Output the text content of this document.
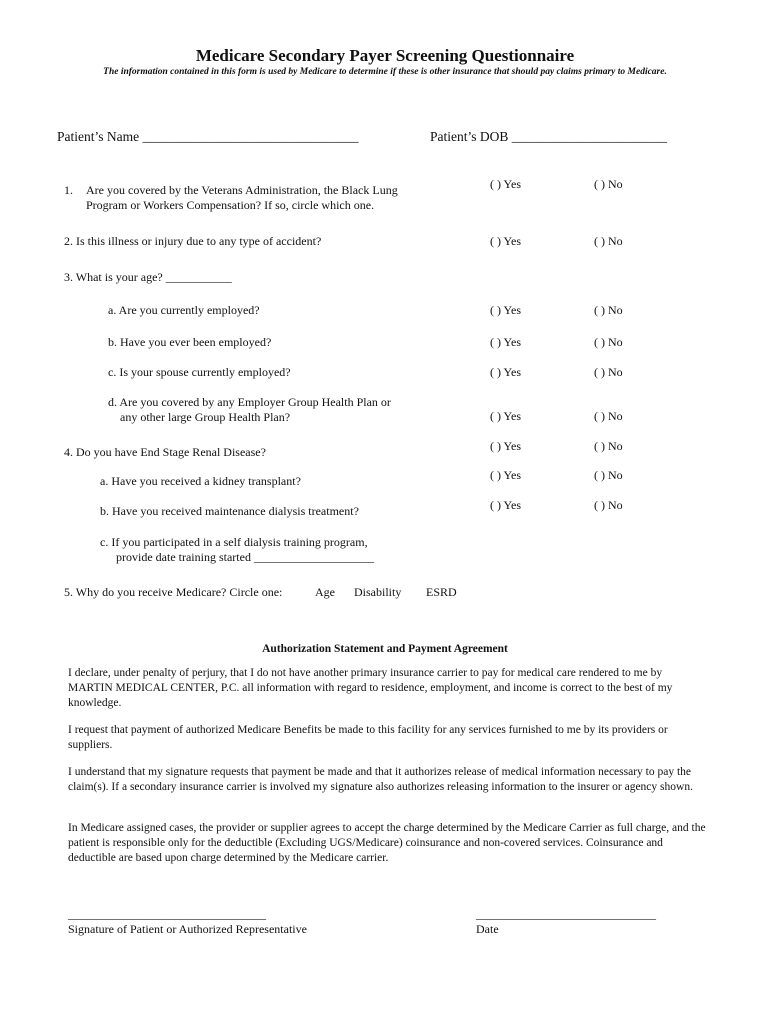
Medicare Secondary Payer Screening Questionnaire
The information contained in this form is used by Medicare to determine if these is other insurance that should pay claims primary to Medicare.
Patient’s Name ________________________________	Patient’s DOB _______________________
1. Are you covered by the Veterans Administration, the Black Lung
Program or Workers Compensation? If so, circle which one.
( ) Yes	( ) No
2. Is this illness or injury due to any type of accident?	( ) Yes	( ) No
3. What is your age? ___________
a. Are you currently employed?	( ) Yes	( ) No
b. Have you ever been employed?	( ) Yes	( ) No
c. Is your spouse currently employed?	( ) Yes	( ) No
d. Are you covered by any Employer Group Health Plan or
any other large Group Health Plan?	( ) Yes	( ) No
4. Do you have End Stage Renal Disease?	( ) Yes	( ) No
a. Have you received a kidney transplant?	( ) Yes	( ) No
b. Have you received maintenance dialysis treatment?	( ) Yes	( ) No
c. If you participated in a self dialysis training program,
provide date training started ____________________
5. Why do you receive Medicare? Circle one:	Age Disability ESRD
Authorization Statement and Payment Agreement
I declare, under penalty of perjury, that I do not have another primary insurance carrier to pay for medical care rendered to me by MARTIN MEDICAL CENTER, P.C. all information with regard to residence, employment, and income is correct to the best of my knowledge.
I request that payment of authorized Medicare Benefits be made to this facility for any services furnished to me by its providers or suppliers.
I understand that my signature requests that payment be made and that it authorizes release of medical information necessary to pay the claim(s). If a secondary insurance carrier is involved my signature also authorizes releasing information to the insurer or agency shown.
In Medicare assigned cases, the provider or supplier agrees to accept the charge determined by the Medicare Carrier as full charge, and the patient is responsible only for the deductible (Excluding UGS/Medicare) coinsurance and non-covered services. Coinsurance and deductible are based upon charge determined by the Medicare carrier.
_________________________________
Signature of Patient or Authorized Representative
______________________________
Date
